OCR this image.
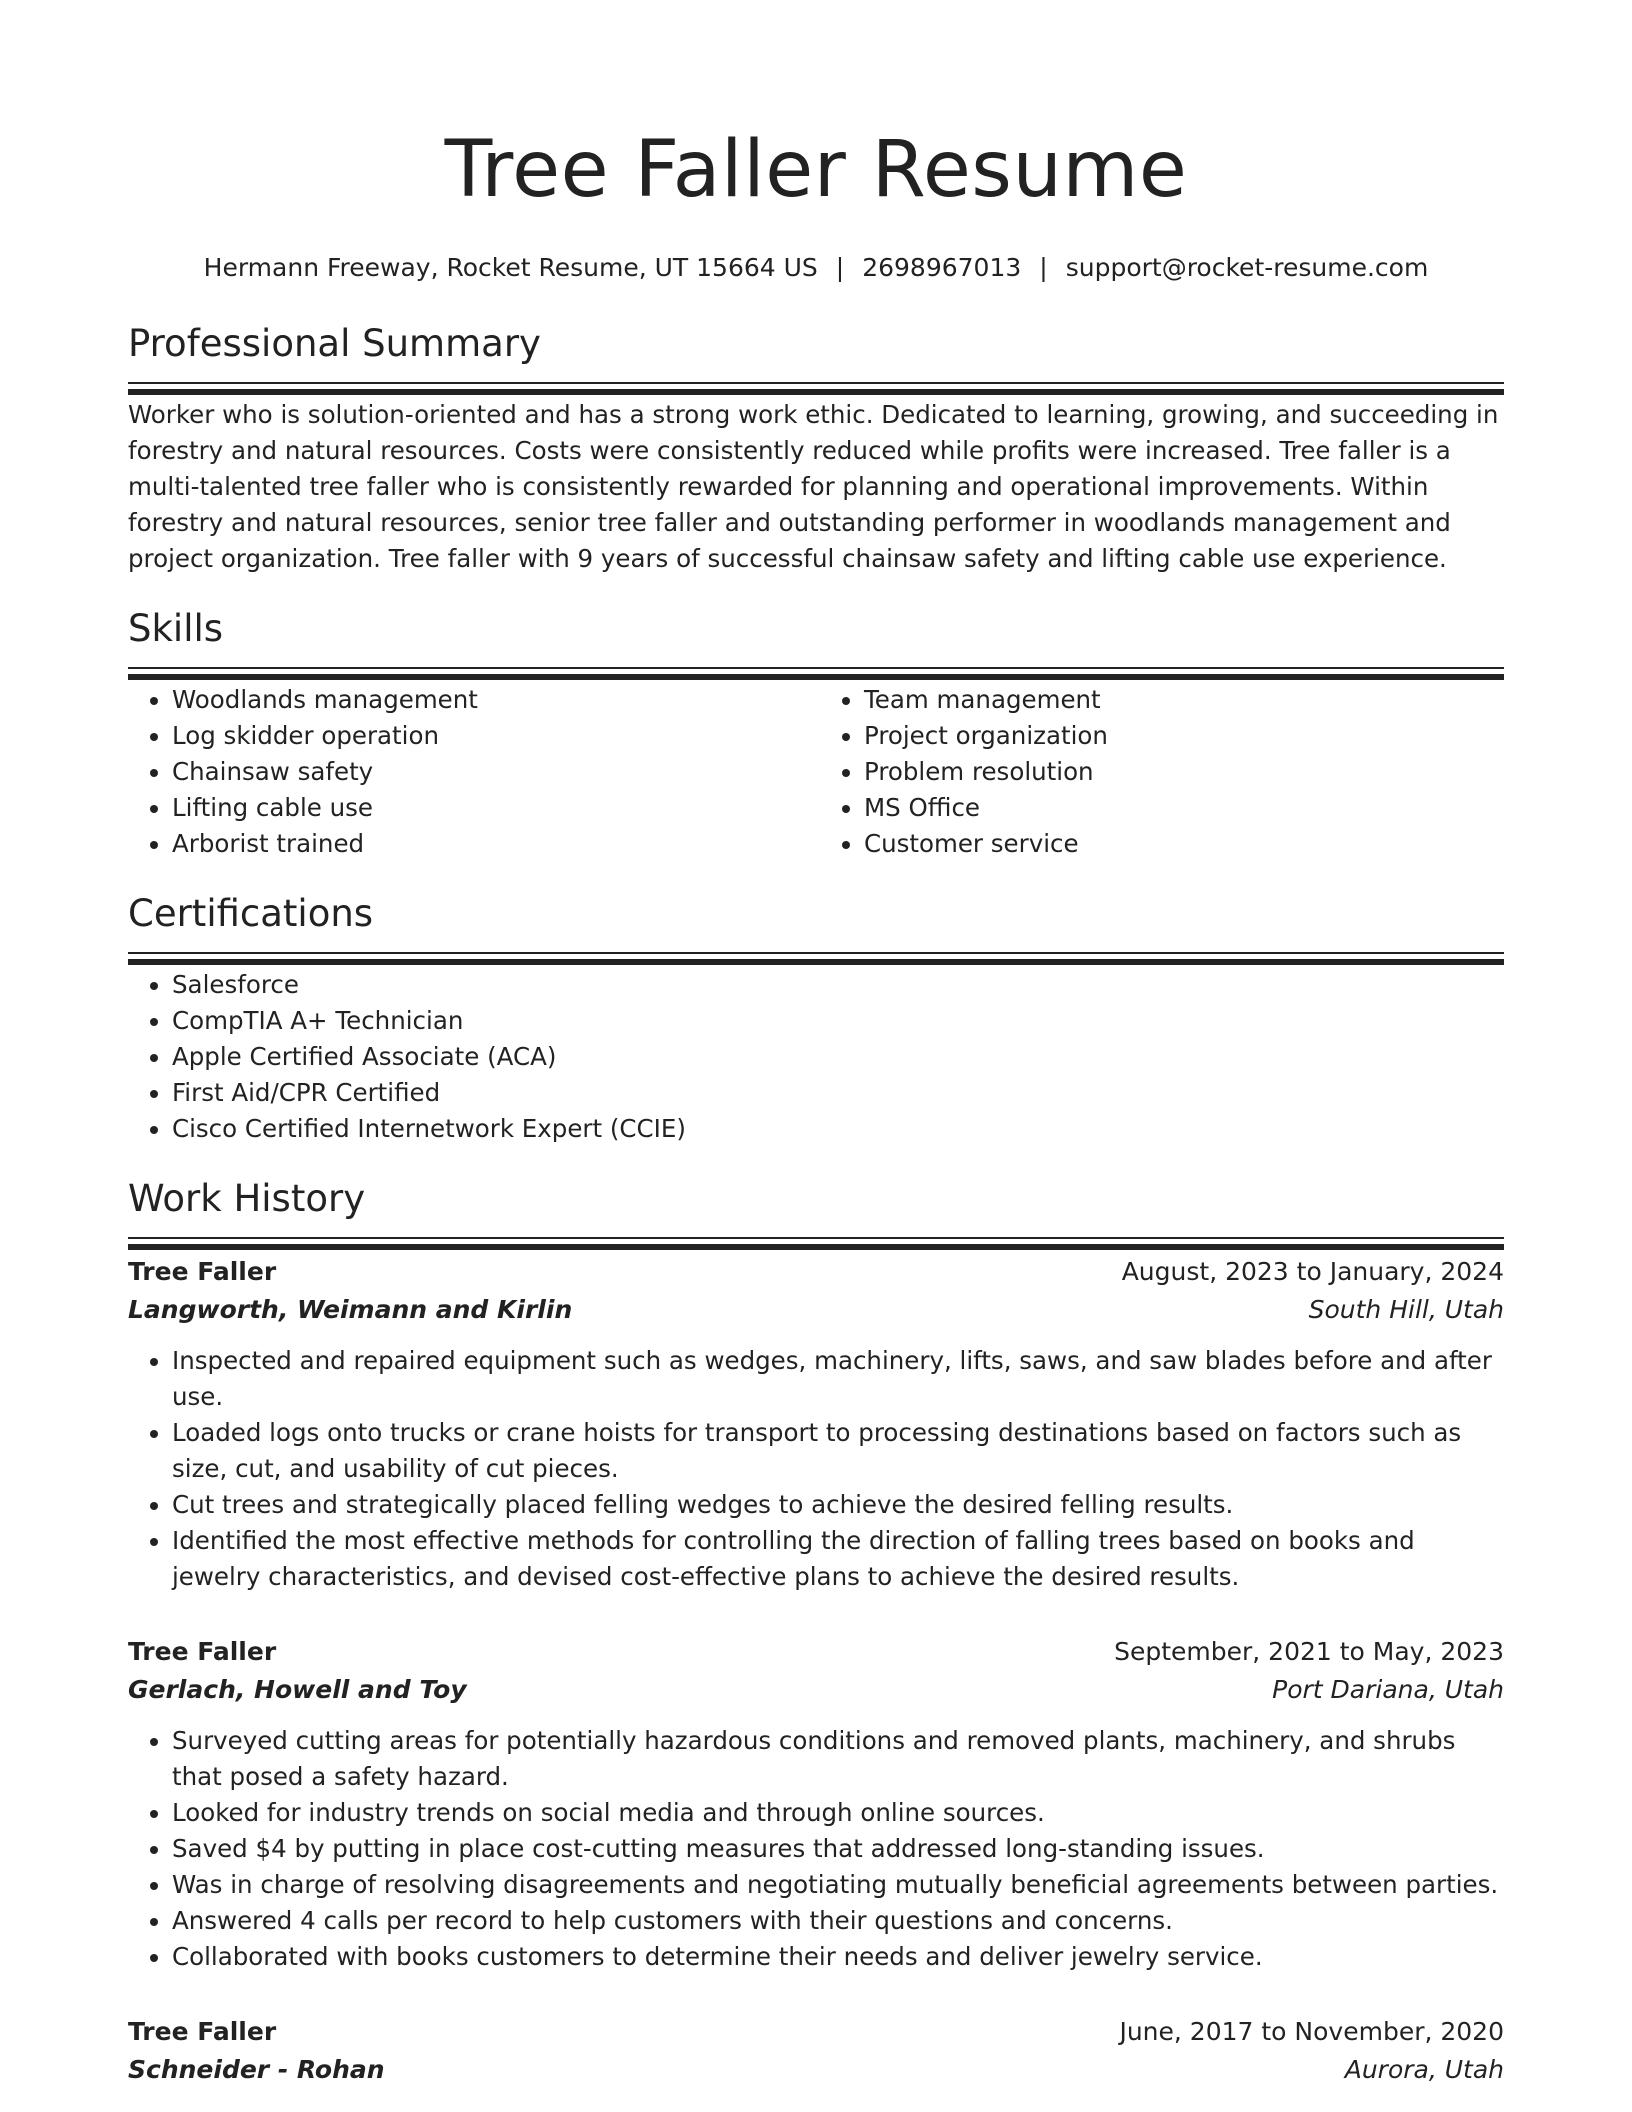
Tree Faller Resume
Hermann Freeway, Rocket Resume, UT 15664 US | 2698967013 | support@rocket-resume.com
Professional Summary

Worker who is solution-oriented and has a strong work ethic. Dedicated to learning, growing, and succeeding in forestry and natural resources. Costs were consistently reduced while profits were increased. Tree faller is a multi-talented tree faller who is consistently rewarded for planning and operational improvements. Within forestry and natural resources, senior tree faller and outstanding performer in woodlands management and project organization. Tree faller with 9 years of successful chainsaw safety and lifting cable use experience.

Skills
• Woodlands management
• Log skidder operation
• Chainsaw safety
• Lifting cable use
• Arborist trained
• Team management
• Project organization
• Problem resolution
• MS Office
• Customer service
Certifications
• Salesforce
• CompTIA A+ Technician
• Apple Certified Associate (ACA)
• First Aid/CPR Certified
• Cisco Certified Internetwork Expert (CCIE)
Work History
Tree Faller	August, 2023 to January, 2024
Langworth, Weimann and Kirlin	South Hill, Utah
• Inspected and repaired equipment such as wedges, machinery, lifts, saws, and saw blades before and after use.
• Loaded logs onto trucks or crane hoists for transport to processing destinations based on factors such as size, cut, and usability of cut pieces.
• Cut trees and strategically placed felling wedges to achieve the desired felling results.
• Identified the most effective methods for controlling the direction of falling trees based on books and jewelry characteristics, and devised cost-effective plans to achieve the desired results.
Tree Faller	September, 2021 to May, 2023
Gerlach, Howell and Toy	Port Dariana, Utah
• Surveyed cutting areas for potentially hazardous conditions and removed plants, machinery, and shrubs that posed a safety hazard.
• Looked for industry trends on social media and through online sources.
• Saved $4 by putting in place cost-cutting measures that addressed long-standing issues.
• Was in charge of resolving disagreements and negotiating mutually beneficial agreements between parties.
• Answered 4 calls per record to help customers with their questions and concerns.
• Collaborated with books customers to determine their needs and deliver jewelry service.
Tree Faller	June, 2017 to November, 2020
Schneider - Rohan	Aurora, Utah
